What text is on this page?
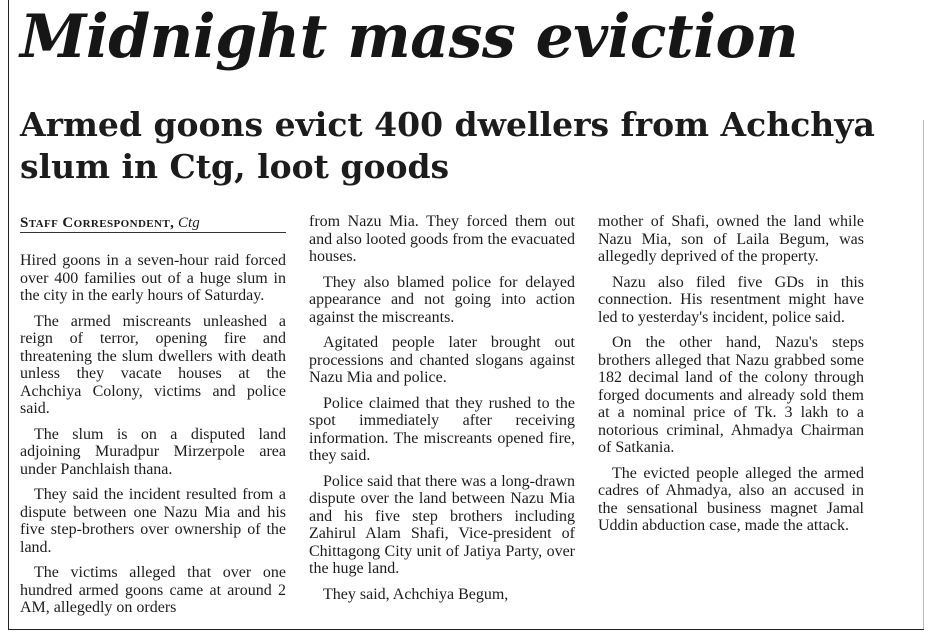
Midnight mass eviction
Armed goons evict 400 dwellers from Achchya slum in Ctg, loot goods
Staff Correspondent, Ctg

Hired goons in a seven-hour raid forced over 400 families out of a huge slum in the city in the early hours of Saturday.

The armed miscreants unleashed a reign of terror, opening fire and threatening the slum dwellers with death unless they vacate houses at the Achchiya Colony, victims and police said.

The slum is on a disputed land adjoining Muradpur Mirzerpole area under Panchlaish thana.

They said the incident resulted from a dispute between one Nazu Mia and his five step-brothers over ownership of the land.

The victims alleged that over one hundred armed goons came at around 2 AM, allegedly on orders

from Nazu Mia. They forced them out and also looted goods from the evacuated houses.

They also blamed police for delayed appearance and not going into action against the miscreants.

Agitated people later brought out processions and chanted slogans against Nazu Mia and police.

Police claimed that they rushed to the spot immediately after receiving information. The miscreants opened fire, they said.

Police said that there was a long-drawn dispute over the land between Nazu Mia and his five step brothers including Zahirul Alam Shafi, Vice-president of Chittagong City unit of Jatiya Party, over the huge land.

They said, Achchiya Begum,

mother of Shafi, owned the land while Nazu Mia, son of Laila Begum, was allegedly deprived of the property.

Nazu also filed five GDs in this connection. His resentment might have led to yesterday's incident, police said.

On the other hand, Nazu's steps brothers alleged that Nazu grabbed some 182 decimal land of the colony through forged documents and already sold them at a nominal price of Tk. 3 lakh to a notorious criminal, Ahmadya Chairman of Satkania.

The evicted people alleged the armed cadres of Ahmadya, also an accused in the sensational business magnet Jamal Uddin abduction case, made the attack.
